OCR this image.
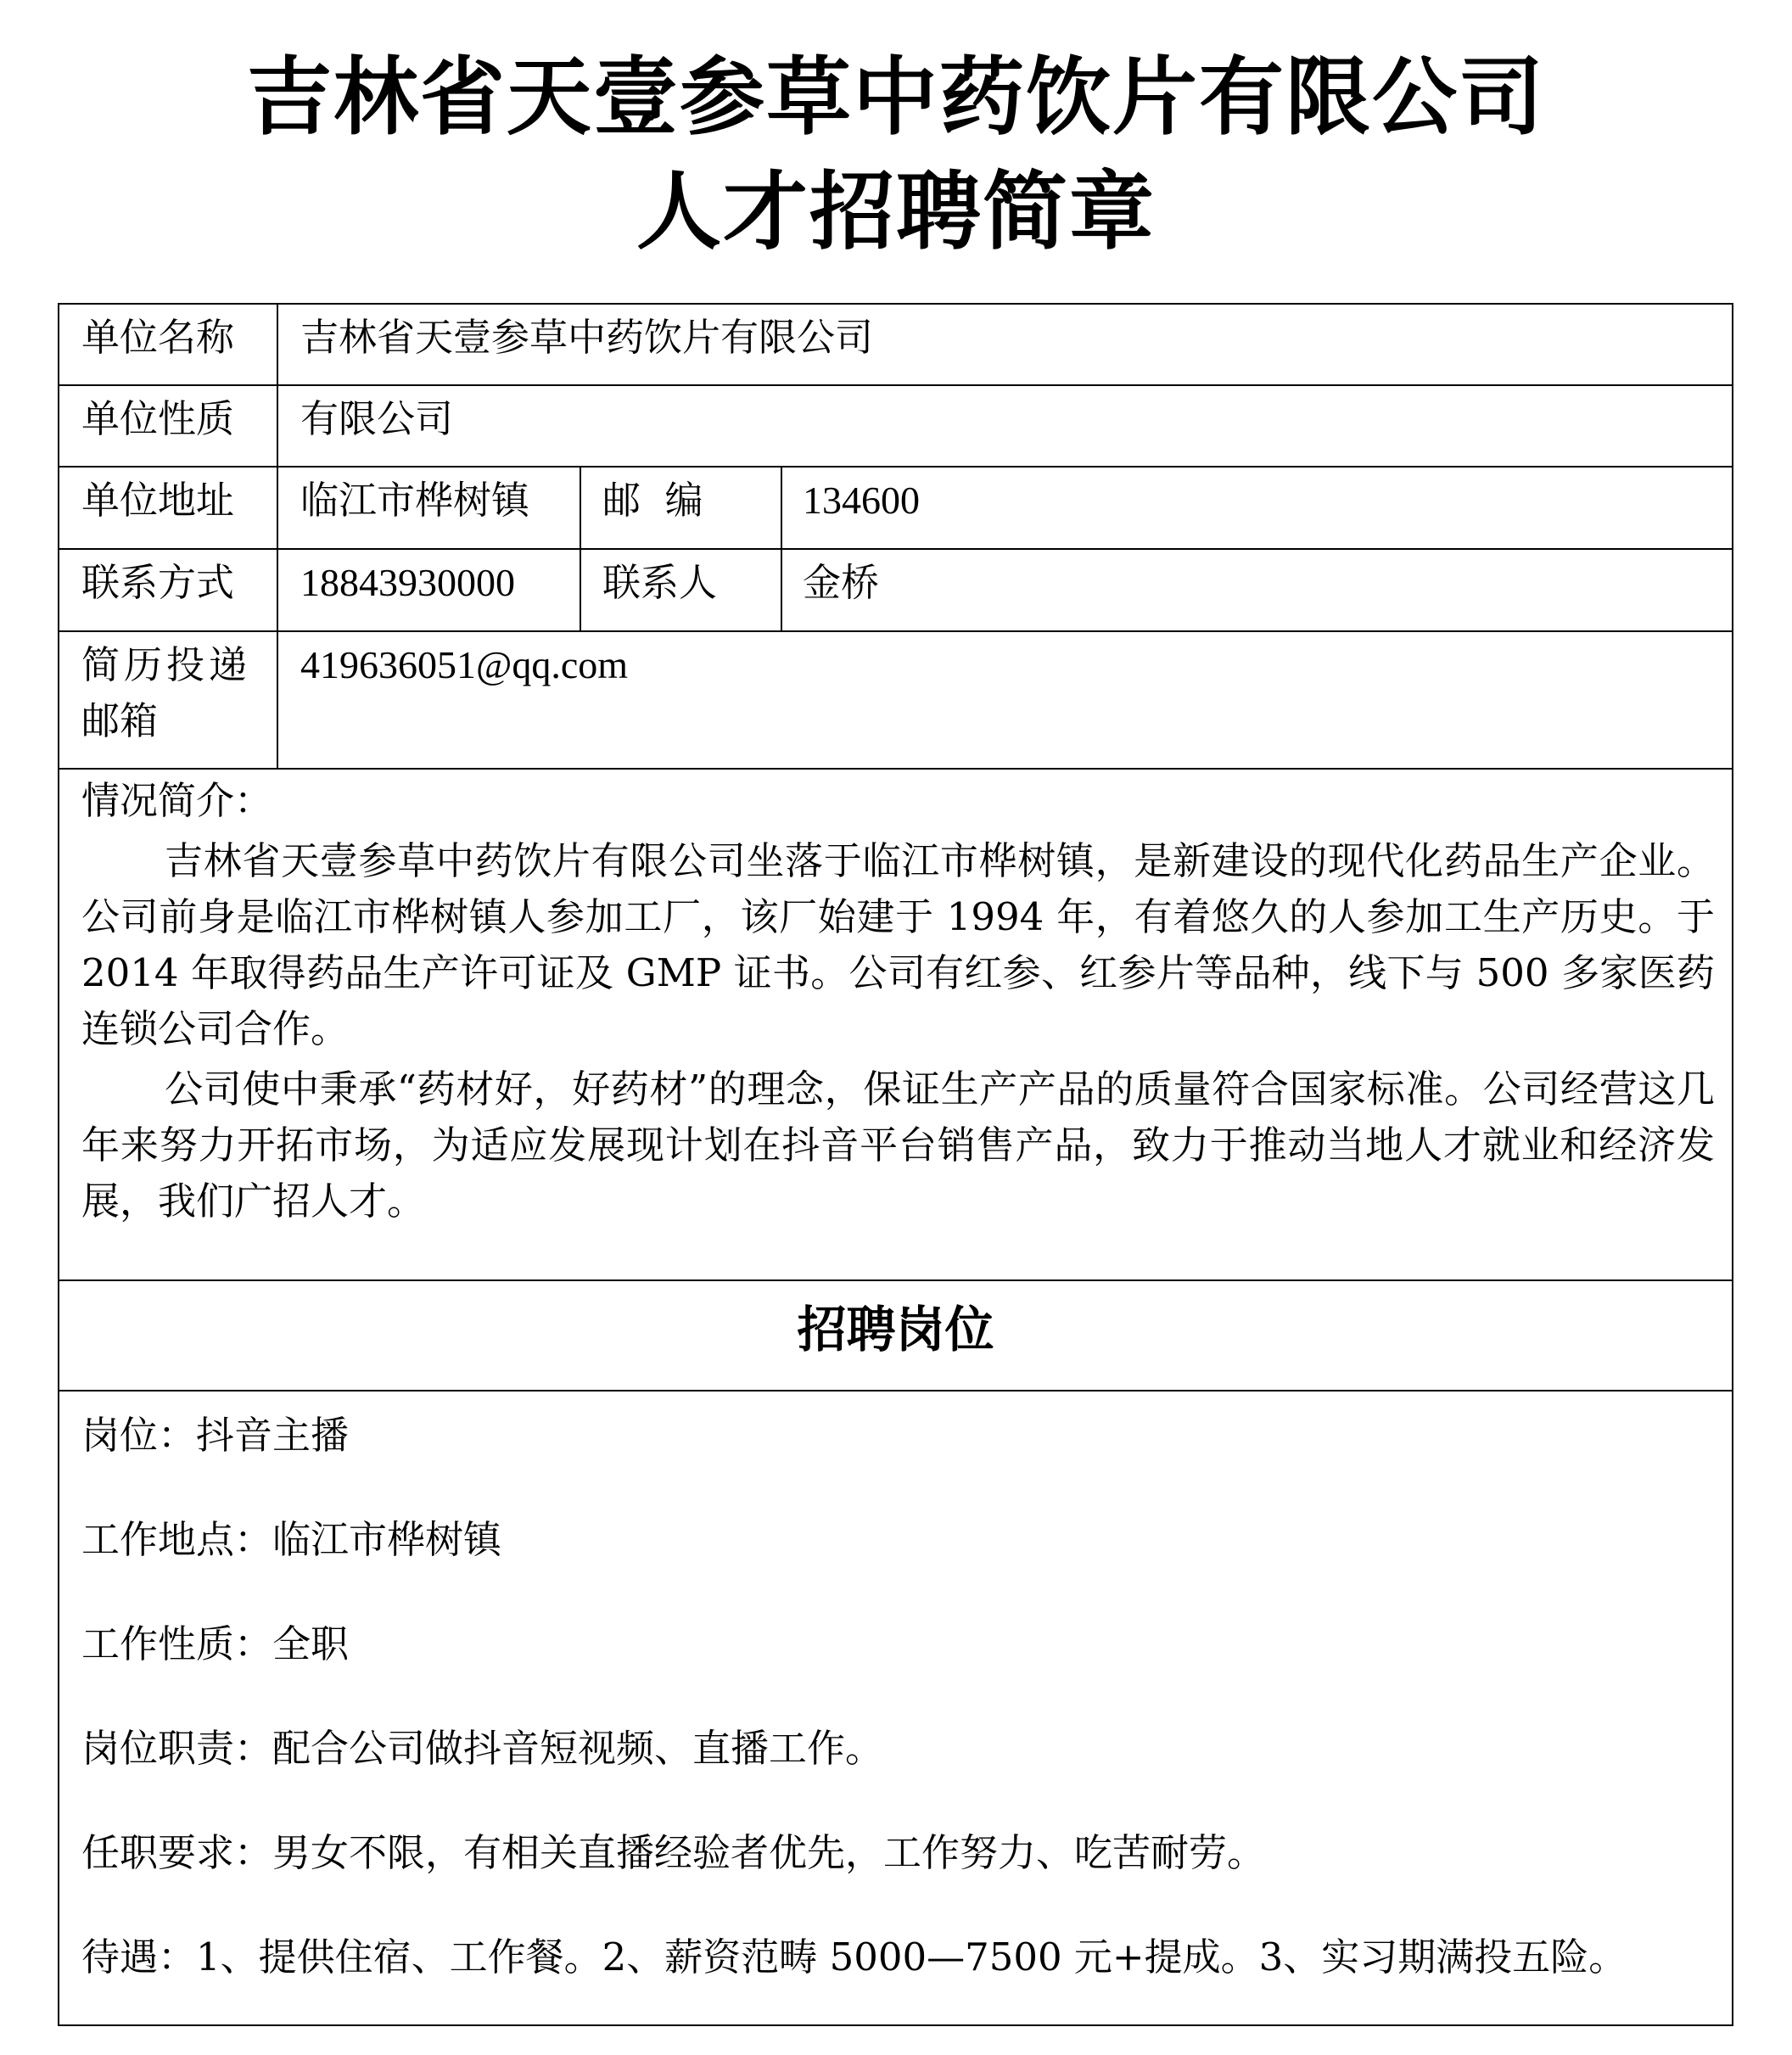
吉林省天壹参草中药饮片有限公司
人才招聘简章
单位名称 吉林省天壹参草中药饮片有限公司
单位性质 有限公司
单位地址 临江市桦树镇 邮  编	134600
联系方式 18843930000 联系人 金桥
简历投递
邮箱
419636051@qq.com

情况简介：

吉林省天壹参草中药饮片有限公司坐落于临江市桦树镇，是新建设的现代化药品生产企业。公司前身是临江市桦树镇人参加工厂，该厂始建于 1994 年，有着悠久的人参加工生产历史。于 2014 年取得药品生产许可证及 GMP 证书。公司有红参、红参片等品种，线下与 500 多家医药连锁公司合作。

公司使中秉承“药材好，好药材”的理念，保证生产产品的质量符合国家标准。公司经营这几年来努力开拓市场，为适应发展现计划在抖音平台销售产品，致力于推动当地人才就业和经济发展，我们广招人才。

招聘岗位
岗位：抖音主播
工作地点：临江市桦树镇
工作性质：全职
岗位职责：配合公司做抖音短视频、直播工作。
任职要求：男女不限，有相关直播经验者优先，工作努力、吃苦耐劳。
待遇：1、提供住宿、工作餐。2、薪资范畴 5000—7500 元+提成。3、实习期满投五险。
